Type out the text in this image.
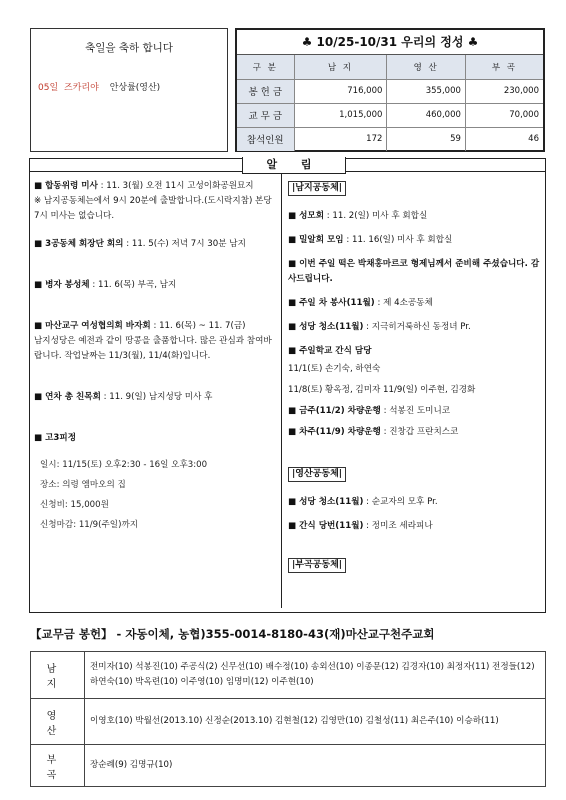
축일을 축하 합니다
05일 즈카리야 안상률(영산)
♣ 10/25-10/31 우리의 정성 ♣
구 분	남 지	영 산	부 곡
봉 헌 금	716,000	355,000	230,000
교 무 금	1,015,000	460,000	70,000
참석인원	172	59	46
알 림
■ 합동위령 미사 : 11. 3(월) 오전 11시 고성이화공원묘지
※ 남지공동체는에서 9시 20분에 출발합니다.(도시락지참) 본당 7시 미사는 없습니다.
■ 3공동체 회장단 회의 : 11. 5(수) 저녁 7시 30분 남지
■ 병자 봉성체 : 11. 6(목) 부곡, 남지
■ 마산교구 여성협의회 바자회 : 11. 6(목) ~ 11. 7(금)
남지성당은 예전과 같이 땅콩을 출품합니다. 많은 관심과 참여바랍니다. 작업날짜는 11/3(월), 11/4(화)입니다.
■ 연차 총 친목회 : 11. 9(일) 남지성당 미사 후
■ 고3피정
일시: 11/15(토) 오후2:30 - 16일 오후3:00
장소: 의령 엠마오의 집
신청비: 15,000원
신청마감: 11/9(주일)까지
|남지공동체|
■ 성모회 : 11. 2(일) 미사 후 회합실
■ 밀알회 모임 : 11. 16(일) 미사 후 회합실
■ 이번 주일 떡은 박채홍마르코 형제님께서 준비해 주셨습니다. 감사드립니다.
■ 주일 차 봉사(11월) : 제 4소공동체
■ 성당 청소(11월) : 지극히거룩하신 동정녀 Pr.
■ 주일학교 간식 담당
11/1(토) 손기숙, 하연숙
11/8(토) 황옥정, 김미자 11/9(일) 이주현, 김경화
■ 금주(11/2) 차량운행 : 석봉진 도미니코
■ 차주(11/9) 차량운행 : 진창갑 프란치스코
|영산공동체|
■ 성당 청소(11월) : 순교자의 모후 Pr.
■ 간식 당번(11월) : 정미조 세라피나
|부곡공동체|
【교무금 봉헌】 - 자동이체, 농협)355-0014-8180-43(재)마산교구천주교회
남 지	전미자(10) 석봉진(10) 주공식(2) 신무선(10) 배수정(10) 송외선(10) 이종문(12) 김경자(10) 최정자(11) 전정들(12) 하연숙(10) 박옥련(10) 이주영(10) 임명미(12) 이주현(10)
영 산	이영호(10) 박월선(2013.10) 신정순(2013.10) 김현철(12) 김영만(10) 김철성(11) 최은주(10) 이승하(11)
부 곡	장순례(9) 김명규(10)
